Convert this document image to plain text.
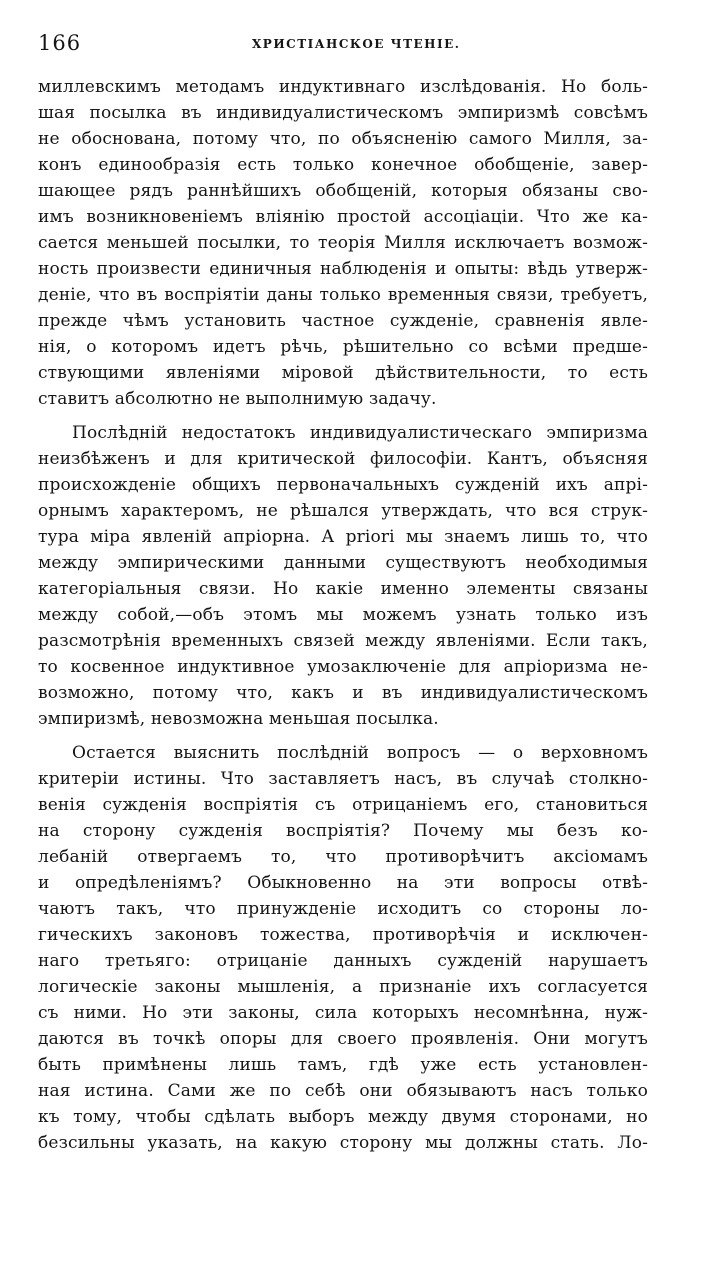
166	ХРИСТІАНСКОЕ ЧТЕНІЕ.
миллевскимъ методамъ индуктивнаго изслѣдованія. Но боль-
шая посылка въ индивидуалистическомъ эмпиризмѣ совсѣмъ
не обоснована, потому что, по объясненію самого Милля, за-
конъ единообразія есть только конечное обобщеніе, завер-
шающее рядъ раннѣйшихъ обобщеній, которыя обязаны сво-
имъ возникновеніемъ вліянію простой ассоціаціи. Что же ка-
сается меньшей посылки, то теорія Милля исключаетъ возмож-
ность произвести единичныя наблюденія и опыты: вѣдь утверж-
деніе, что въ воспріятіи даны только временныя связи, требуетъ,
прежде чѣмъ установить частное сужденіе, сравненія явле-
нія, о которомъ идетъ рѣчь, рѣшительно со всѣми предше-
ствующими явленіями міровой дѣйствительности, то есть
ставитъ абсолютно не выполнимую задачу.
Послѣдній недостатокъ индивидуалистическаго эмпиризма
неизбѣженъ и для критической философіи. Кантъ, объясняя
происхожденіе общихъ первоначальныхъ сужденій ихъ апрі-
орнымъ характеромъ, не рѣшался утверждать, что вся струк-
тура міра явленій апріорна. А priori мы знаемъ лишь то, что
между эмпирическими данными существуютъ необходимыя
категоріальныя связи. Но какіе именно элементы связаны
между собой,—объ этомъ мы можемъ узнать только изъ
разсмотрѣнія временныхъ связей между явленіями. Если такъ,
то косвенное индуктивное умозаключеніе для апріоризма не-
возможно, потому что, какъ и въ индивидуалистическомъ
эмпиризмѣ, невозможна меньшая посылка.
Остается выяснить послѣдній вопросъ — о верховномъ
критеріи истины. Что заставляетъ насъ, въ случаѣ столкно-
венія сужденія воспріятія съ отрицаніемъ его, становиться
на сторону сужденія воспріятія? Почему мы безъ ко-
лебаній отвергаемъ то, что противорѣчитъ аксіомамъ
и опредѣленіямъ? Обыкновенно на эти вопросы отвѣ-
чаютъ такъ, что принужденіе исходитъ со стороны ло-
гическихъ законовъ тожества, противорѣчія и исключен-
наго третьяго: отрицаніе данныхъ сужденій нарушаетъ
логическіе законы мышленія, а признаніе ихъ согласуется
съ ними. Но эти законы, сила которыхъ несомнѣнна, нуж-
даются въ точкѣ опоры для своего проявленія. Они могутъ
быть примѣнены лишь тамъ, гдѣ уже есть установлен-
ная истина. Сами же по себѣ они обязываютъ насъ только
къ тому, чтобы сдѣлать выборъ между двумя сторонами, но
безсильны указать, на какую сторону мы должны стать. Ло-
